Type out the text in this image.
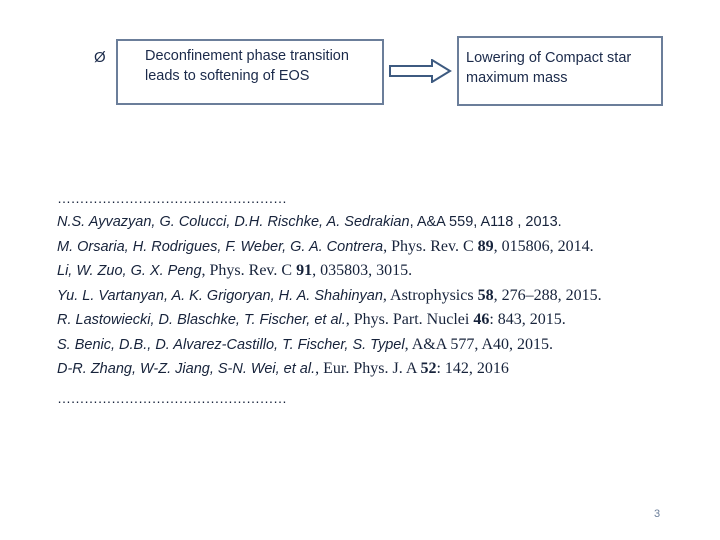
Ø	Deconfinement phase transition leads to softening of EOS
Lowering of Compact star maximum mass
……………………………………………
N.S. Ayvazyan, G. Colucci, D.H. Rischke, A. Sedrakian, A&A 559, A118 , 2013.
M. Orsaria, H. Rodrigues, F. Weber, G. A. Contrera, Phys. Rev. C 89, 015806, 2014.
Li, W. Zuo, G. X. Peng, Phys. Rev. C 91, 035803, 3015.
Yu. L. Vartanyan, A. K. Grigoryan, H. A. Shahinyan, Astrophysics 58, 276–288, 2015.
R. Lastowiecki, D. Blaschke, T. Fischer, et al., Phys. Part. Nuclei 46: 843, 2015.
S. Benic, D.B., D. Alvarez-Castillo, T. Fischer, S. Typel, A&A 577, A40, 2015.
D-R. Zhang, W-Z. Jiang, S-N. Wei, et al., Eur. Phys. J. A 52: 142, 2016
……………………………………………
3
